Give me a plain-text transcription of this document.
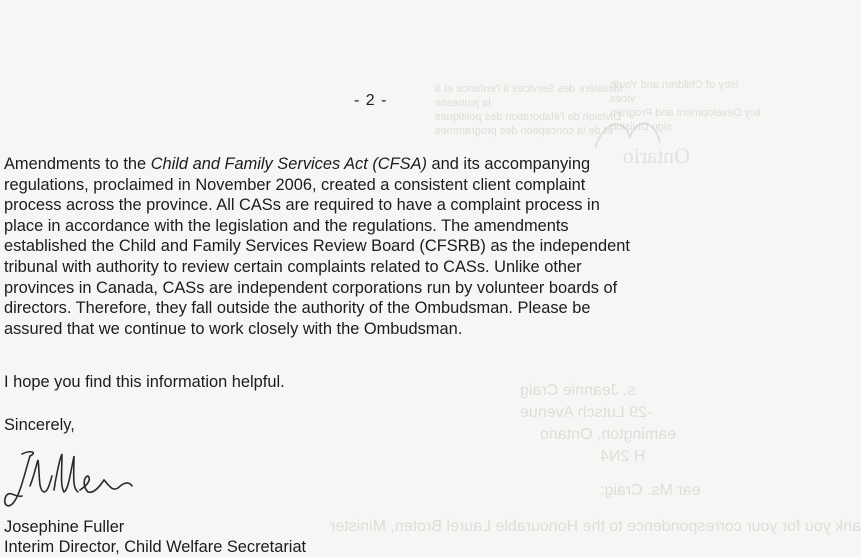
istry of Children and Youth
vices
licy Development and Program
sign Division
Ministère des Services à l'enfance et à
la jeunesse
Division de l'élaboration des politiques
et de la conception des programmes
s. Jeannie Craig
-29 Lutsch Avenue
eamington, Ontario
H 2N4
ear Ms. Craig:
ank you for your correspondence to the Honourable Laurel Broten, Minister
Ontario
- 2 -

Amendments to the Child and Family Services Act (CFSA) and its accompanying
regulations, proclaimed in November 2006, created a consistent client complaint
process across the province. All CASs are required to have a complaint process in
place in accordance with the legislation and the regulations. The amendments
established the Child and Family Services Review Board (CFSRB) as the independent
tribunal with authority to review certain complaints related to CASs. Unlike other
provinces in Canada, CASs are independent corporations run by volunteer boards of
directors. Therefore, they fall outside the authority of the Ombudsman. Please be
assured that we continue to work closely with the Ombudsman.

I hope you find this information helpful.

Sincerely,

Josephine Fuller

Interim Director, Child Welfare Secretariat
